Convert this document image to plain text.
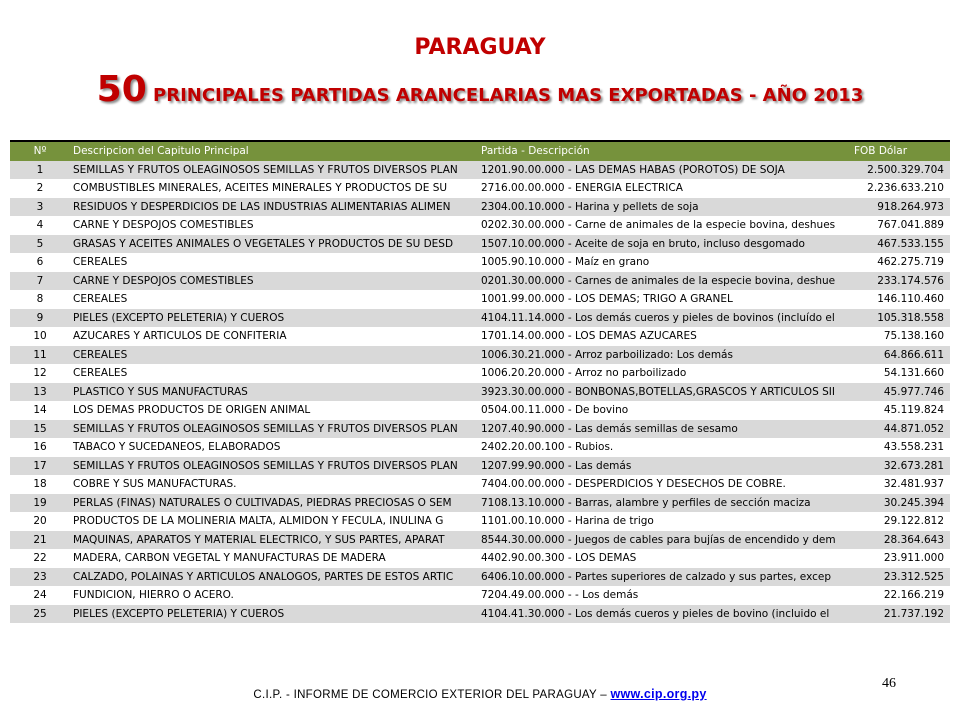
PARAGUAY
50 PRINCIPALES PARTIDAS ARANCELARIAS MAS EXPORTADAS - AÑO 2013
Nº	Descripcion del Capitulo Principal	Partida - Descripción	FOB Dólar
1	SEMILLAS Y FRUTOS OLEAGINOSOS SEMILLAS Y FRUTOS DIVERSOS PLAN	1201.90.00.000 - LAS DEMAS HABAS (POROTOS) DE SOJA	2.500.329.704
2	COMBUSTIBLES MINERALES, ACEITES MINERALES Y PRODUCTOS DE SU	2716.00.00.000 - ENERGIA ELECTRICA	2.236.633.210
3	RESIDUOS Y DESPERDICIOS DE LAS INDUSTRIAS ALIMENTARIAS ALIMEN	2304.00.10.000 - Harina y pellets de soja	918.264.973
4	CARNE Y DESPOJOS COMESTIBLES	0202.30.00.000 - Carne de animales de la especie bovina, deshues	767.041.889
5	GRASAS Y ACEITES ANIMALES O VEGETALES Y PRODUCTOS DE SU DESD	1507.10.00.000 - Aceite de soja en bruto, incluso desgomado	467.533.155
6	CEREALES	1005.90.10.000 - Maíz en grano	462.275.719
7	CARNE Y DESPOJOS COMESTIBLES	0201.30.00.000 - Carnes de animales de la especie bovina, deshue	233.174.576
8	CEREALES	1001.99.00.000 - LOS DEMAS; TRIGO A GRANEL	146.110.460
9	PIELES (EXCEPTO PELETERIA) Y CUEROS	4104.11.14.000 - Los demás cueros y pieles de bovinos (incluído el	105.318.558
10	AZUCARES Y ARTICULOS DE CONFITERIA	1701.14.00.000 - LOS DEMAS AZUCARES	75.138.160
11	CEREALES	1006.30.21.000 - Arroz parboilizado: Los demás	64.866.611
12	CEREALES	1006.20.20.000 - Arroz no parboilizado	54.131.660
13	PLASTICO Y SUS MANUFACTURAS	3923.30.00.000 - BONBONAS,BOTELLAS,GRASCOS Y ARTICULOS SII	45.977.746
14	LOS DEMAS PRODUCTOS DE ORIGEN ANIMAL	0504.00.11.000 - De bovino	45.119.824
15	SEMILLAS Y FRUTOS OLEAGINOSOS SEMILLAS Y FRUTOS DIVERSOS PLAN	1207.40.90.000 - Las demás semillas de sesamo	44.871.052
16	TABACO Y SUCEDANEOS, ELABORADOS	2402.20.00.100 - Rubios.	43.558.231
17	SEMILLAS Y FRUTOS OLEAGINOSOS SEMILLAS Y FRUTOS DIVERSOS PLAN	1207.99.90.000 - Las demás	32.673.281
18	COBRE Y SUS MANUFACTURAS.	7404.00.00.000 - DESPERDICIOS Y DESECHOS DE COBRE.	32.481.937
19	PERLAS (FINAS) NATURALES O CULTIVADAS, PIEDRAS PRECIOSAS O SEM	7108.13.10.000 - Barras, alambre y perfiles de sección maciza	30.245.394
20	PRODUCTOS DE LA MOLINERIA MALTA, ALMIDON Y FECULA, INULINA G	1101.00.10.000 - Harina de trigo	29.122.812
21	MAQUINAS, APARATOS Y MATERIAL ELECTRICO, Y SUS PARTES, APARAT	8544.30.00.000 - Juegos de cables para bujías de encendido y dem	28.364.643
22	MADERA, CARBON VEGETAL Y MANUFACTURAS DE MADERA	4402.90.00.300 - LOS DEMAS	23.911.000
23	CALZADO, POLAINAS Y ARTICULOS ANALOGOS, PARTES DE ESTOS ARTIC	6406.10.00.000 - Partes superiores de calzado y sus partes, excep	23.312.525
24	FUNDICION, HIERRO O ACERO.	7204.49.00.000 - - Los demás	22.166.219
25	PIELES (EXCEPTO PELETERIA) Y CUEROS	4104.41.30.000 - Los demás cueros y pieles de bovino (incluido el	21.737.192
C.I.P. - INFORME DE COMERCIO EXTERIOR DEL PARAGUAY – www.cip.org.py
46
